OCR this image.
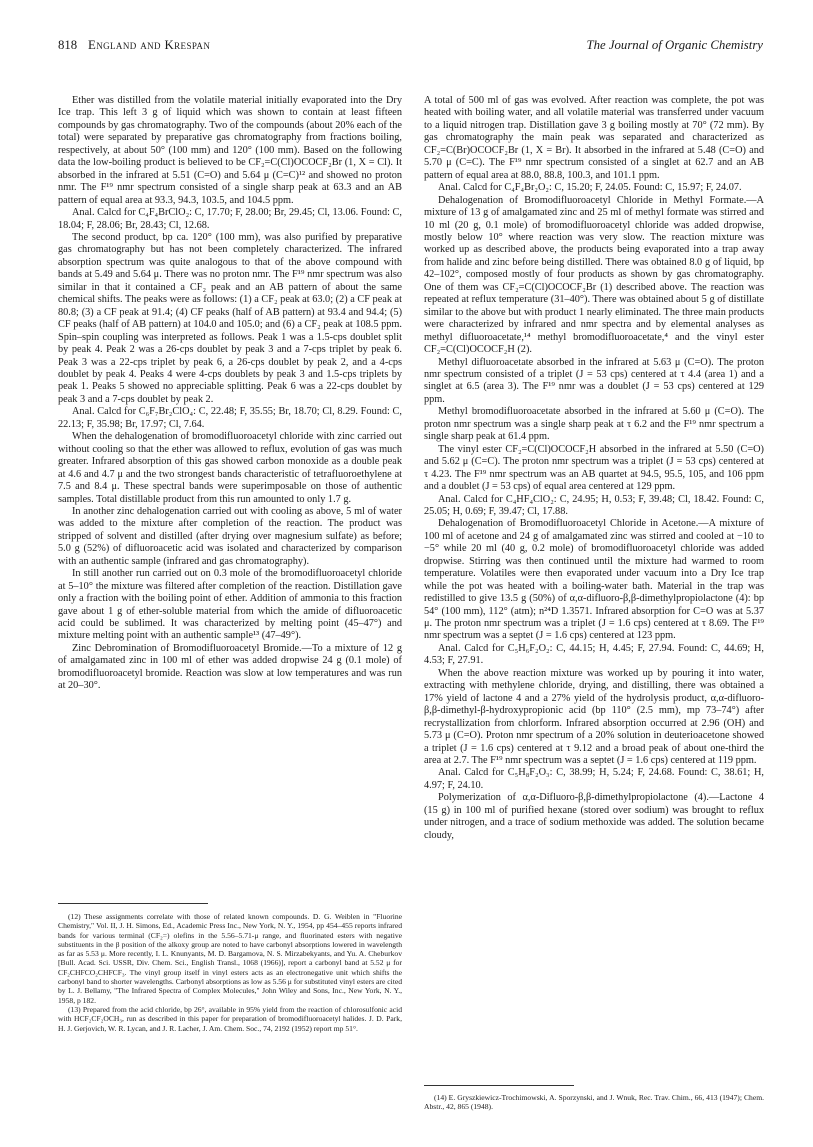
818 England and Krespan	The Journal of Organic Chemistry

Ether was distilled from the volatile material initially evaporated into the Dry Ice trap. This left 3 g of liquid which was shown to contain at least fifteen compounds by gas chromatography. Two of the compounds (about 20% each of the total) were separated by preparative gas chromatography from fractions boiling, respectively, at about 50° (100 mm) and 120° (100 mm). Based on the following data the low-boiling product is believed to be CF₂=C(Cl)OCOCF₂Br (1, X = Cl). It absorbed in the infrared at 5.51 (C=O) and 5.64 μ (C=C)¹² and showed no proton nmr. The F¹⁹ nmr spectrum consisted of a single sharp peak at 63.3 and an AB pattern of equal area at 93.3, 94.3, 103.5, and 104.5 ppm.

Anal. Calcd for C₄F₄BrClO₂: C, 17.70; F, 28.00; Br, 29.45; Cl, 13.06. Found: C, 18.04; F, 28.06; Br, 28.43; Cl, 12.68.

The second product, bp ca. 120° (100 mm), was also purified by preparative gas chromatography but has not been completely characterized. The infrared absorption spectrum was quite analogous to that of the above compound with bands at 5.49 and 5.64 μ. There was no proton nmr. The F¹⁹ nmr spectrum was also similar in that it contained a CF₂ peak and an AB pattern of about the same chemical shifts. The peaks were as follows: (1) a CF₂ peak at 63.0; (2) a CF peak at 80.8; (3) a CF peak at 91.4; (4) CF peaks (half of AB pattern) at 93.4 and 94.4; (5) CF peaks (half of AB pattern) at 104.0 and 105.0; and (6) a CF₂ peak at 108.5 ppm. Spin–spin coupling was interpreted as follows. Peak 1 was a 1.5-cps doublet split by peak 4. Peak 2 was a 26-cps doublet by peak 3 and a 7-cps triplet by peak 6. Peak 3 was a 22-cps triplet by peak 6, a 26-cps doublet by peak 2, and a 4-cps doublet by peak 4. Peaks 4 were 4-cps doublets by peak 3 and 1.5-cps triplets by peak 1. Peaks 5 showed no appreciable splitting. Peak 6 was a 22-cps doublet by peak 3 and a 7-cps doublet by peak 2.

Anal. Calcd for C₆F₇Br₂ClO₄: C, 22.48; F, 35.55; Br, 18.70; Cl, 8.29. Found: C, 22.13; F, 35.98; Br, 17.97; Cl, 7.64.

When the dehalogenation of bromodifluoroacetyl chloride with zinc carried out without cooling so that the ether was allowed to reflux, evolution of gas was much greater. Infrared absorption of this gas showed carbon monoxide as a double peak at 4.6 and 4.7 μ and the two strongest bands characteristic of tetrafluoroethylene at 7.5 and 8.4 μ. These spectral bands were superimposable on those of authentic samples. Total distillable product from this run amounted to only 1.7 g.

In another zinc dehalogenation carried out with cooling as above, 5 ml of water was added to the mixture after completion of the reaction. The product was stripped of solvent and distilled (after drying over magnesium sulfate) as before; 5.0 g (52%) of difluoroacetic acid was isolated and characterized by comparison with an authentic sample (infrared and gas chromatography).

In still another run carried out on 0.3 mole of the bromodifluoroacetyl chloride at 5–10° the mixture was filtered after completion of the reaction. Distillation gave only a fraction with the boiling point of ether. Addition of ammonia to this fraction gave about 1 g of ether-soluble material from which the amide of difluoroacetic acid could be sublimed. It was characterized by melting point (45–47°) and mixture melting point with an authentic sample¹³ (47–49°).

Zinc Debromination of Bromodifluoroacetyl Bromide.—To a mixture of 12 g of amalgamated zinc in 100 ml of ether was added dropwise 24 g (0.1 mole) of bromodifluoroacetyl bromide. Reaction was slow at low temperatures and was run at 20–30°.

A total of 500 ml of gas was evolved. After reaction was complete, the pot was heated with boiling water, and all volatile material was transferred under vacuum to a liquid nitrogen trap. Distillation gave 3 g boiling mostly at 70° (72 mm). By gas chromatography the main peak was separated and characterized as CF₂=C(Br)OCOCF₂Br (1, X = Br). It absorbed in the infrared at 5.48 (C=O) and 5.70 μ (C=C). The F¹⁹ nmr spectrum consisted of a singlet at 62.7 and an AB pattern of equal area at 88.0, 88.8, 100.3, and 101.1 ppm.

Anal. Calcd for C₄F₄Br₂O₂: C, 15.20; F, 24.05. Found: C, 15.97; F, 24.07.

Dehalogenation of Bromodifluoroacetyl Chloride in Methyl Formate.—A mixture of 13 g of amalgamated zinc and 25 ml of methyl formate was stirred and 10 ml (20 g, 0.1 mole) of bromodifluoroacetyl chloride was added dropwise, mostly below 10° where reaction was very slow. The reaction mixture was worked up as described above, the products being evaporated into a trap away from halide and zinc before being distilled. There was obtained 8.0 g of liquid, bp 42–102°, composed mostly of four products as shown by gas chromatography. One of them was CF₂=C(Cl)OCOCF₂Br (1) described above. The reaction was repeated at reflux temperature (31–40°). There was obtained about 5 g of distillate similar to the above but with product 1 nearly eliminated. The three main products were characterized by infrared and nmr spectra and by elemental analyses as methyl difluoroacetate,¹⁴ methyl bromodifluoroacetate,⁴ and the vinyl ester CF₂=C(Cl)OCOCF₂H (2).

Methyl difluoroacetate absorbed in the infrared at 5.63 μ (C=O). The proton nmr spectrum consisted of a triplet (J = 53 cps) centered at τ 4.4 (area 1) and a singlet at 6.5 (area 3). The F¹⁹ nmr was a doublet (J = 53 cps) centered at 129 ppm.

Methyl bromodifluoroacetate absorbed in the infrared at 5.60 μ (C=O). The proton nmr spectrum was a single sharp peak at τ 6.2 and the F¹⁹ nmr spectrum a single sharp peak at 61.4 ppm.

The vinyl ester CF₂=C(Cl)OCOCF₂H absorbed in the infrared at 5.50 (C=O) and 5.62 μ (C=C). The proton nmr spectrum was a triplet (J = 53 cps) centered at τ 4.23. The F¹⁹ nmr spectrum was an AB quartet at 94.5, 95.5, 105, and 106 ppm and a doublet (J = 53 cps) of equal area centered at 129 ppm.

Anal. Calcd for C₄HF₄ClO₂: C, 24.95; H, 0.53; F, 39.48; Cl, 18.42. Found: C, 25.05; H, 0.69; F, 39.47; Cl, 17.88.

Dehalogenation of Bromodifluoroacetyl Chloride in Acetone.—A mixture of 100 ml of acetone and 24 g of amalgamated zinc was stirred and cooled at −10 to −5° while 20 ml (40 g, 0.2 mole) of bromodifluoroacetyl chloride was added dropwise. Stirring was then continued until the mixture had warmed to room temperature. Volatiles were then evaporated under vacuum into a Dry Ice trap while the pot was heated with a boiling-water bath. Material in the trap was redistilled to give 13.5 g (50%) of α,α-difluoro-β,β-dimethylpropiolactone (4): bp 54° (100 mm), 112° (atm); n²⁴D 1.3571. Infrared absorption for C=O was at 5.37 μ. The proton nmr spectrum was a triplet (J = 1.6 cps) centered at τ 8.69. The F¹⁹ nmr spectrum was a septet (J = 1.6 cps) centered at 123 ppm.

Anal. Calcd for C₅H₆F₂O₂: C, 44.15; H, 4.45; F, 27.94. Found: C, 44.69; H, 4.53; F, 27.91.

When the above reaction mixture was worked up by pouring it into water, extracting with methylene chloride, drying, and distilling, there was obtained a 17% yield of lactone 4 and a 27% yield of the hydrolysis product, α,α-difluoro-β,β-dimethyl-β-hydroxypropionic acid (bp 110° (2.5 mm), mp 73–74°) after recrystallization from chlorform. Infrared absorption occurred at 2.96 (OH) and 5.73 μ (C=O). Proton nmr spectrum of a 20% solution in deuterioacetone showed a triplet (J = 1.6 cps) centered at τ 9.12 and a broad peak of about one-third the area at 2.7. The F¹⁹ nmr spectrum was a septet (J = 1.6 cps) centered at 119 ppm.

Anal. Calcd for C₅H₈F₂O₃: C, 38.99; H, 5.24; F, 24.68. Found: C, 38.61; H, 4.97; F, 24.10.

Polymerization of α,α-Difluoro-β,β-dimethylpropiolactone (4).—Lactone 4 (15 g) in 100 ml of purified hexane (stored over sodium) was brought to reflux under nitrogen, and a trace of sodium methoxide was added. The solution became cloudy,

(12) These assignments correlate with those of related known compounds. D. G. Weiblen in "Fluorine Chemistry," Vol. II, J. H. Simons, Ed., Academic Press Inc., New York, N. Y., 1954, pp 454–455 reports infrared bands for various terminal (CF₂=) olefins in the 5.56–5.71-μ range, and fluorinated esters with negative substituents in the β position of the alkoxy group are noted to have carbonyl absorptions lowered in wavelength as far as 5.53 μ. More recently, I. L. Knunyants, M. D. Bargamova, N. S. Mirzabekyants, and Yu. A. Cheburkov [Bull. Acad. Sci. USSR, Div. Chem. Sci., English Transl., 1068 (1966)], report a carbonyl band at 5.52 μ for CF₂CHFCO₂CHFCF₃. The vinyl group itself in vinyl esters acts as an electronegative unit which shifts the carbonyl band to shorter wavelengths. Carbonyl absorptions as low as 5.56 μ for substituted vinyl esters are cited by L. J. Bellamy, "The Infrared Spectra of Complex Molecules," John Wiley and Sons, Inc., New York, N. Y., 1958, p 182.

(13) Prepared from the acid chloride, bp 26°, available in 95% yield from the reaction of chlorosulfonic acid with HCF₂CF₂OCH₃, run as described in this paper for preparation of bromodifluoroacetyl halides. J. D. Park, H. J. Gerjovich, W. R. Lycan, and J. R. Lacher, J. Am. Chem. Soc., 74, 2192 (1952) report mp 51°.

(14) E. Gryszkiewicz-Trochimowski, A. Sporzynski, and J. Wnuk, Rec. Trav. Chim., 66, 413 (1947); Chem. Abstr., 42, 865 (1948).
